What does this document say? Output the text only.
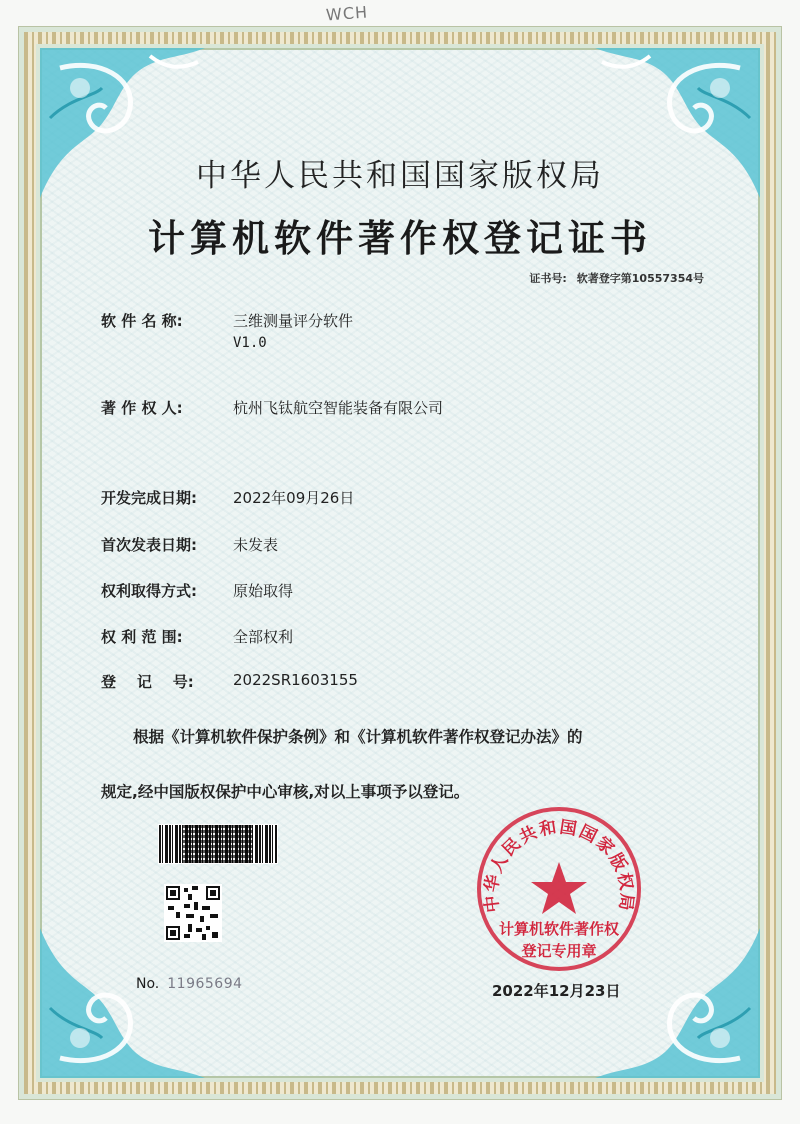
WCH
中华人民共和国国家版权局
计算机软件著作权登记证书
证书号: 软著登字第10557354号
软 件 名 称:	三维测量评分软件
V1.0
著 作 权 人:	杭州飞钛航空智能装备有限公司
开发完成日期: 2022年09月26日
首次发表日期: 未发表
权利取得方式: 原始取得
权 利 范 围:	全部权利
登    记    号:	2022SR1603155
根据《计算机软件保护条例》和《计算机软件著作权登记办法》的
规定,经中国版权保护中心审核,对以上事项予以登记。
No. 11965694
中华人民共和国国家版权局
计算机软件著作权
登记专用章
2022年12月23日
